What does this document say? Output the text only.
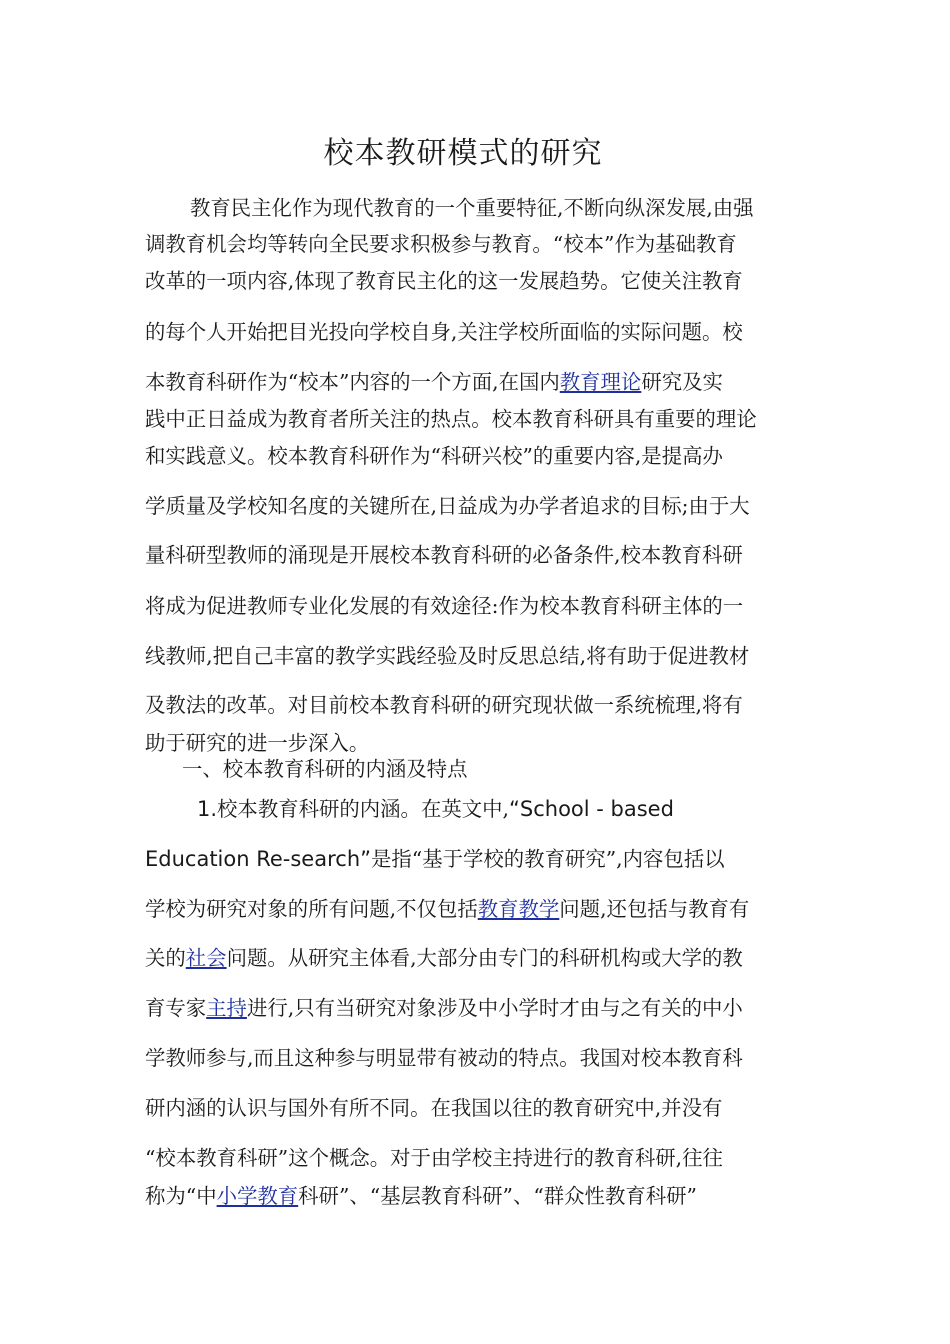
校本教研模式的研究
教育民主化作为现代教育的一个重要特征,不断向纵深发展,由强
调教育机会均等转向全民要求积极参与教育。“校本”作为基础教育
改革的一项内容,体现了教育民主化的这一发展趋势。它使关注教育
的每个人开始把目光投向学校自身,关注学校所面临的实际问题。校
本教育科研作为“校本”内容的一个方面,在国内教育理论研究及实
践中正日益成为教育者所关注的热点。校本教育科研具有重要的理论
和实践意义。校本教育科研作为“科研兴校”的重要内容,是提高办
学质量及学校知名度的关键所在,日益成为办学者追求的目标;由于大
量科研型教师的涌现是开展校本教育科研的必备条件,校本教育科研
将成为促进教师专业化发展的有效途径:作为校本教育科研主体的一
线教师,把自己丰富的教学实践经验及时反思总结,将有助于促进教材
及教法的改革。对目前校本教育科研的研究现状做一系统梳理,将有
助于研究的进一步深入。
一、校本教育科研的内涵及特点
1.校本教育科研的内涵。在英文中,“School - based
Education Re-search”是指“基于学校的教育研究”,内容包括以
学校为研究对象的所有问题,不仅包括教育教学问题,还包括与教育有
关的社会问题。从研究主体看,大部分由专门的科研机构或大学的教
育专家主持进行,只有当研究对象涉及中小学时才由与之有关的中小
学教师参与,而且这种参与明显带有被动的特点。我国对校本教育科
研内涵的认识与国外有所不同。在我国以往的教育研究中,并没有
“校本教育科研”这个概念。对于由学校主持进行的教育科研,往往
称为“中小学教育科研”、“基层教育科研”、“群众性教育科研”
